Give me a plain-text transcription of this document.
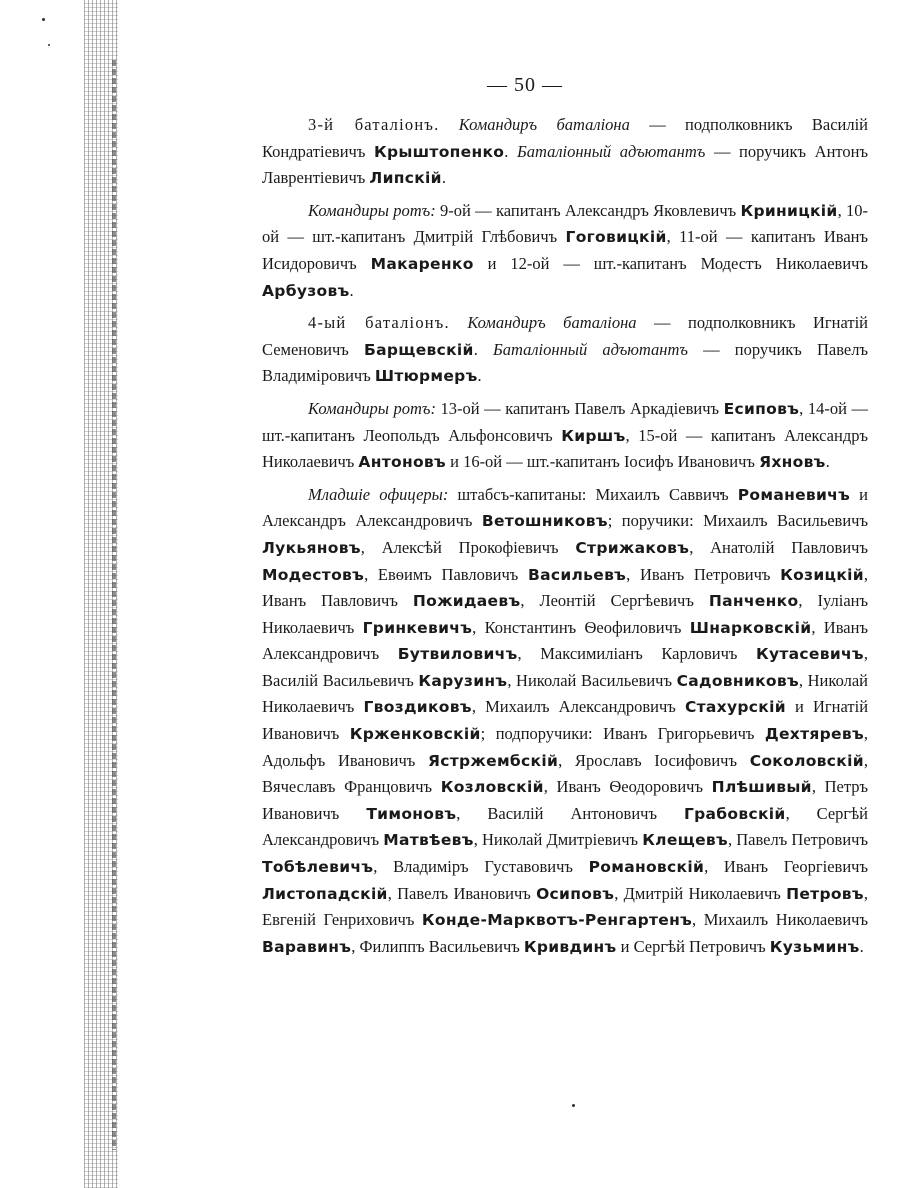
— 50 —

3-й баталіонъ. Командиръ баталіона — подполковникъ Василій Кондратіевичъ Крыштопенко. Баталіонный адъютантъ — поручикъ Антонъ Лаврентіевичъ Липскій.

Командиры ротъ: 9-ой — капитанъ Александръ Яковлевичъ Криницкій, 10-ой — шт.-капитанъ Дмитрій Глѣбовичъ Гоговицкій, 11-ой — капитанъ Иванъ Исидоровичъ Макаренко и 12-ой — шт.-капитанъ Модестъ Николаевичъ Арбузовъ.

4-ый баталіонъ. Командиръ баталіона — подполковникъ Игнатій Семеновичъ Барщевскій. Баталіонный адъютантъ — поручикъ Павелъ Владиміровичъ Штюрмеръ.

Командиры ротъ: 13-ой — капитанъ Павелъ Аркадіевичъ Есиповъ, 14-ой — шт.-капитанъ Леопольдъ Альфонсовичъ Киршъ, 15-ой — капитанъ Александръ Николаевичъ Антоновъ и 16-ой — шт.-капитанъ Іосифъ Ивановичъ Яхновъ.

Младшіе офицеры: штабсъ-капитаны: Михаилъ Саввичъ Романевичъ и Александръ Александровичъ Ветошниковъ; поручики: Михаилъ Васильевичъ Лукьяновъ, Алексѣй Прокофіевичъ Стрижаковъ, Анатолій Павловичъ Модестовъ, Евѳимъ Павловичъ Васильевъ, Иванъ Петровичъ Козицкій, Иванъ Павловичъ Пожидаевъ, Леонтій Сергѣевичъ Панченко, Іуліанъ Николаевичъ Гринкевичъ, Константинъ Ѳеофиловичъ Шнарковскій, Иванъ Александровичъ Бутвиловичъ, Максимиліанъ Карловичъ Кутасевичъ, Василій Васильевичъ Карузинъ, Николай Васильевичъ Садовниковъ, Николай Николаевичъ Гвоздиковъ, Михаилъ Александровичъ Стахурскій и Игнатій Ивановичъ Крженковскій; подпоручики: Иванъ Григорьевичъ Дехтяревъ, Адольфъ Ивановичъ Ястржембскій, Ярославъ Іосифовичъ Соколовскій, Вячеславъ Францовичъ Козловскій, Иванъ Ѳеодоровичъ Плѣшивый, Петръ Ивановичъ Тимоновъ, Василій Антоновичъ Грабовскій, Сергѣй Александровичъ Матвѣевъ, Николай Дмитріевичъ Клещевъ, Павелъ Петровичъ Тобѣлевичъ, Владиміръ Густавовичъ Романовскій, Иванъ Георгіевичъ Листопадскій, Павелъ Ивановичъ Осиповъ, Дмитрій Николаевичъ Петровъ, Евгеній Генриховичъ Конде-Марквотъ-Ренгартенъ, Михаилъ Николаевичъ Варавинъ, Филиппъ Васильевичъ Кривдинъ и Сергѣй Петровичъ Кузьминъ.
